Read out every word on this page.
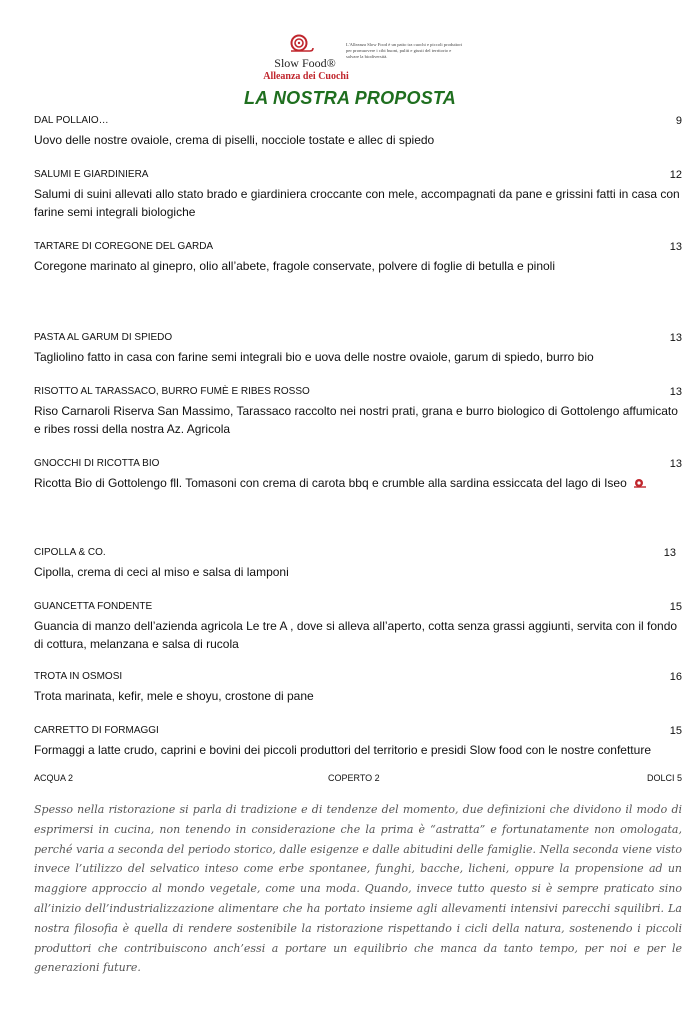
Slow Food®
Alleanza dei Cuochi
L'Alleanza Slow Food è un patto tra cuochi e piccoli produttori per promuovere i cibi buoni, puliti e giusti del territorio e salvare la biodiversità.
LA NOSTRA PROPOSTA
DAL POLLAIO…	9
Uovo delle nostre ovaiole, crema di piselli, nocciole tostate e allec di spiedo
SALUMI E GIARDINIERA	12
Salumi di suini allevati allo stato brado e giardiniera croccante con mele, accompagnati da pane e grissini fatti in casa con farine semi integrali biologiche
TARTARE DI COREGONE DEL GARDA	13
Coregone marinato al ginepro, olio all’abete, fragole conservate, polvere di foglie di betulla e pinoli
PASTA AL GARUM DI SPIEDO	13
Tagliolino fatto in casa con farine semi integrali bio e uova delle nostre ovaiole, garum di spiedo, burro bio
RISOTTO AL TARASSACO, BURRO FUMÈ E RIBES ROSSO	13
Riso Carnaroli Riserva San Massimo, Tarassaco raccolto nei nostri prati, grana e burro biologico di Gottolengo affumicato e ribes rossi della nostra Az. Agricola
GNOCCHI DI RICOTTA BIO	13
Ricotta Bio di Gottolengo fll. Tomasoni con crema di carota bbq e crumble alla sardina essiccata del lago di Iseo
CIPOLLA & CO.	13
Cipolla, crema di ceci al miso e salsa di lamponi
GUANCETTA FONDENTE	15
Guancia di manzo dell’azienda agricola Le tre A , dove si alleva all’aperto, cotta senza grassi aggiunti, servita con il fondo di cottura, melanzana e salsa di rucola
TROTA IN OSMOSI	16
Trota marinata, kefir, mele e shoyu, crostone di pane
CARRETTO DI FORMAGGI	15
Formaggi a latte crudo, caprini e bovini dei piccoli produttori del territorio e presidi Slow food con le nostre confetture
ACQUA 2	COPERTO 2	DOLCI 5
Spesso nella ristorazione si parla di tradizione e di tendenze del momento, due definizioni che dividono il modo di esprimersi in cucina, non tenendo in considerazione che la prima è “astratta” e fortunatamente non omologata, perché varia a seconda del periodo storico, dalle esigenze e dalle abitudini delle famiglie. Nella seconda viene visto invece l’utilizzo del selvatico inteso come erbe spontanee, funghi, bacche, licheni, oppure la propensione ad un maggiore approccio al mondo vegetale, come una moda. Quando, invece tutto questo si è sempre praticato sino all’inizio dell’industrializzazione alimentare che ha portato insieme agli allevamenti intensivi parecchi squilibri. La nostra filosofia è quella di rendere sostenibile la ristorazione rispettando i cicli della natura, sostenendo i piccoli produttori che contribuiscono anch’essi a portare un equilibrio che manca da tanto tempo, per noi e per le generazioni future.
